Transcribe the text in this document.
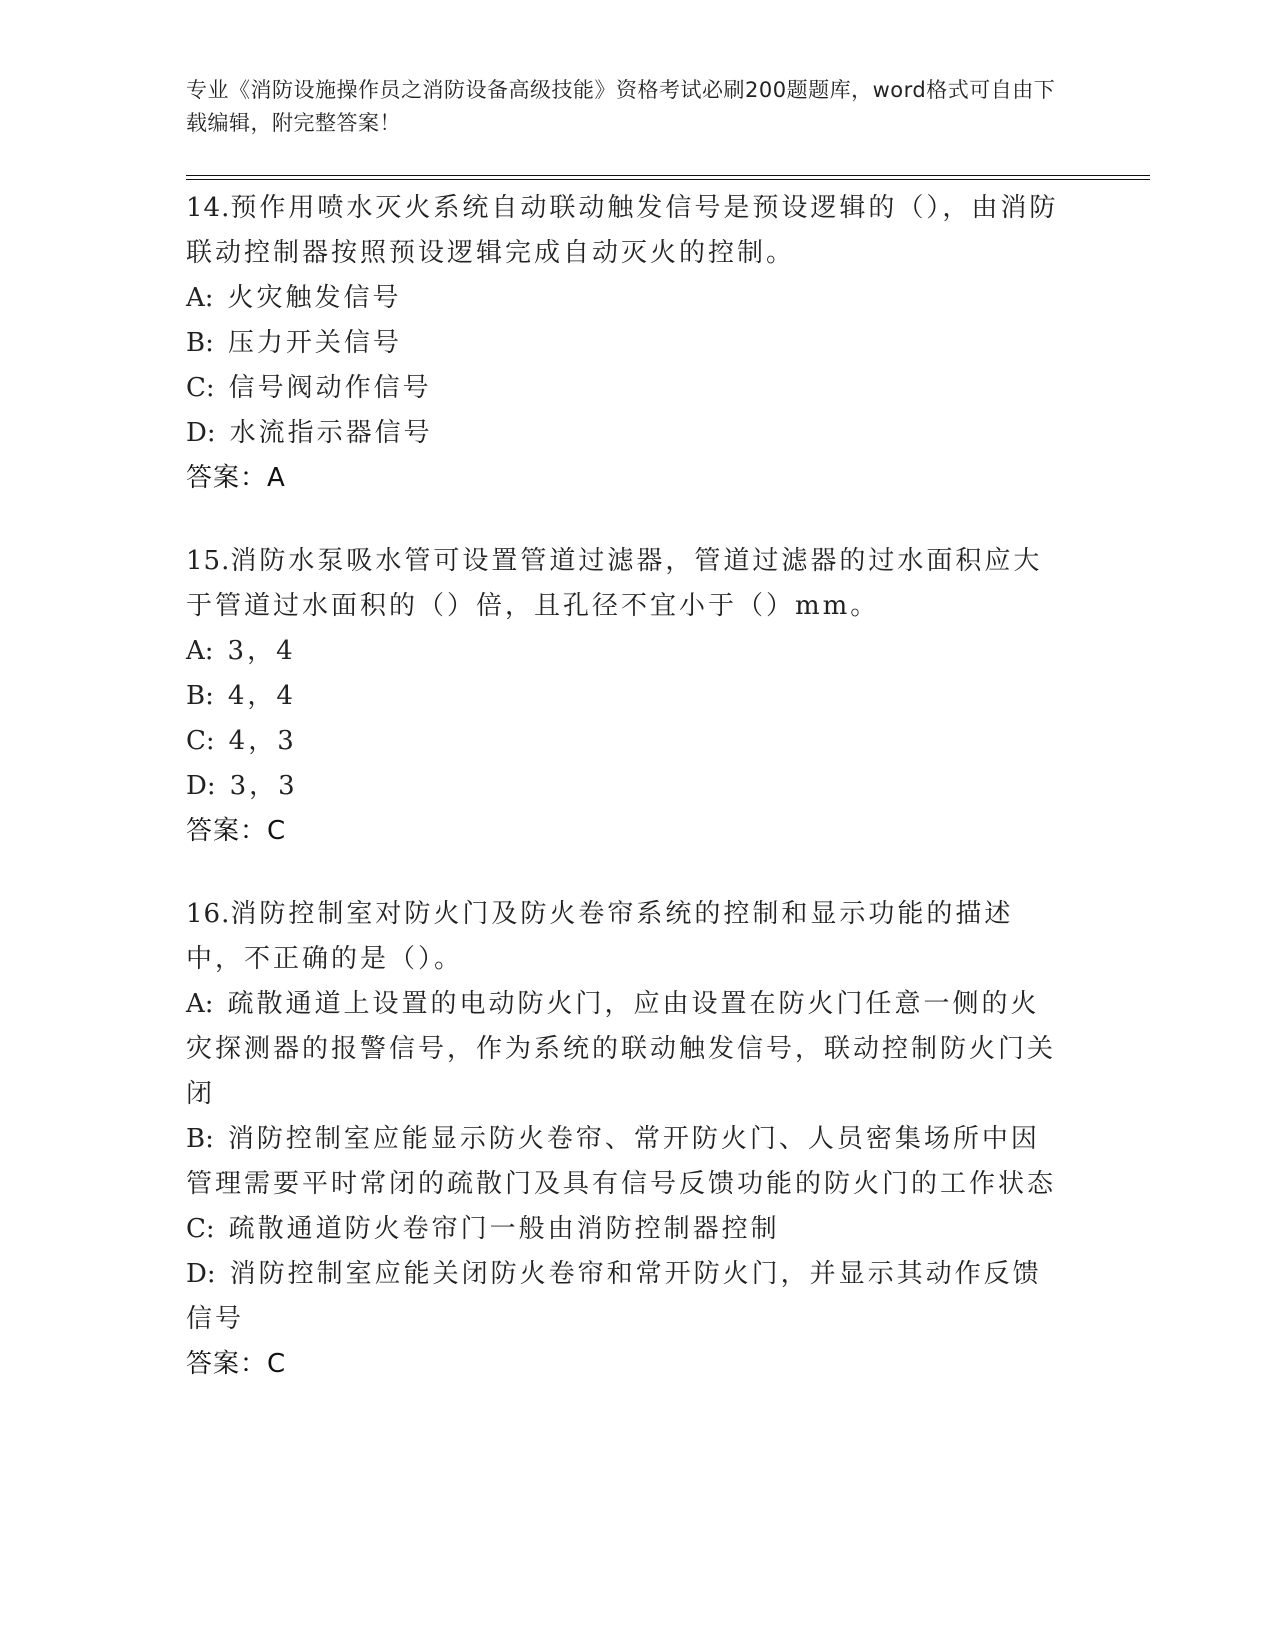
专业《消防设施操作员之消防设备高级技能》资格考试必刷200题题库，word格式可自由下载编辑，附完整答案！
14.预作用喷水灭火系统自动联动触发信号是预设逻辑的（），由消防联动控制器按照预设逻辑完成自动灭火的控制。
A: 火灾触发信号
B: 压力开关信号
C: 信号阀动作信号
D: 水流指示器信号
答案：A
15.消防水泵吸水管可设置管道过滤器，管道过滤器的过水面积应大于管道过水面积的（）倍，且孔径不宜小于（）mm。
A: 3，4
B: 4，4
C: 4，3
D: 3，3
答案：C
16.消防控制室对防火门及防火卷帘系统的控制和显示功能的描述中，不正确的是（）。
A: 疏散通道上设置的电动防火门，应由设置在防火门任意一侧的火灾探测器的报警信号，作为系统的联动触发信号，联动控制防火门关闭
B: 消防控制室应能显示防火卷帘、常开防火门、人员密集场所中因管理需要平时常闭的疏散门及具有信号反馈功能的防火门的工作状态
C: 疏散通道防火卷帘门一般由消防控制器控制
D: 消防控制室应能关闭防火卷帘和常开防火门，并显示其动作反馈信号
答案：C
